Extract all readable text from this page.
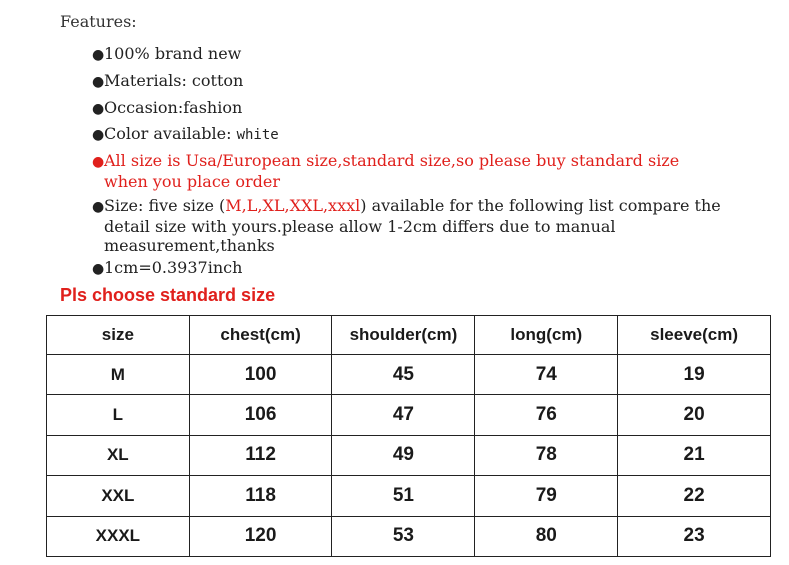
Features:
●100% brand new
●Materials: cotton
●Occasion:fashion
●Color available: white
●All size is Usa/European size,standard size,so please buy standard size
when you place order
●Size: five size (M,L,XL,XXL,xxxl) available for the following list compare the
detail size with yours.please allow 1-2cm differs due to manual
measurement,thanks
●1cm=0.3937inch
Pls choose standard size
size	chest(cm)	shoulder(cm)	long(cm)	sleeve(cm)
M	100	45	74	19
L	106	47	76	20
XL	112	49	78	21
XXL	118	51	79	22
XXXL	120	53	80	23
